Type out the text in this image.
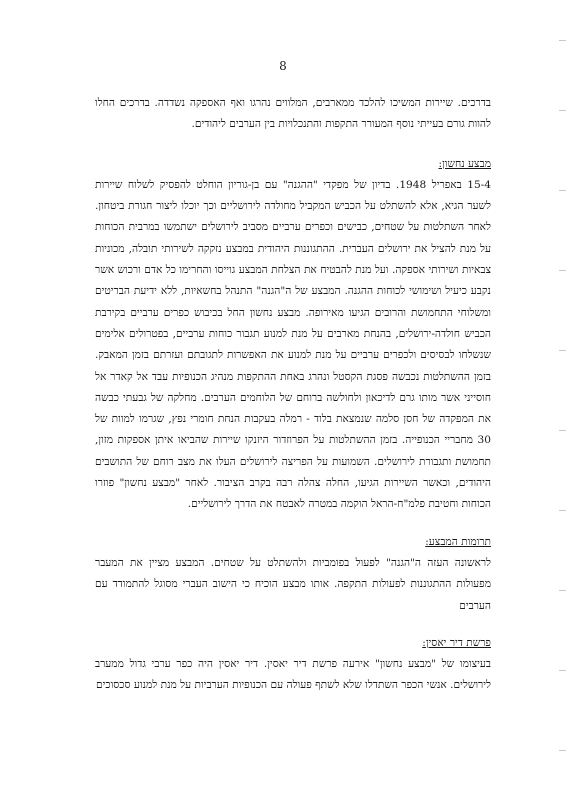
8

בדרכים. שיירות המשיכו להלכד ממארבים, המלווים נהרגו ואף האספקה נשדדה. בדרכים החלו להוות גורם בעייתי נוסף המעורר התקפות והתנכלויות בין הערבים ליהודים.

מבצע נחשון:

15-4 באפריל 1948. בדיון של מפקדי "ההגנה" עם בן-גוריון הוחלט להפסיק לשלוח שיירות לשער הגיא, אלא להשתלט על הכביש המקביל מחולדה לירושליים וכך יוכלו ליצור חגורת ביטחון. לאחר השתלטות על שטחים, כבישים וכפרים ערביים מסביב לירושלים ישתמשו במרבית הכוחות על מנת להציל את ירושלים העברית. ההתגוננות היהודית במבצע נזקקה לשירותי תובלה, מכוניות צבאיות ושירותי אספקה. ועל מנת להבטיח את הצלחת המבצע גוייסו והחרימו כל אדם ורכוש אשר נקבע כיעיל ושימושי לכוחות ההגנה. המבצע של ה"הגנה" התנהל בחשאיות, ללא ידיעת הבריטים ומשלוחי התחמושת והרובים הגיעו מאירופה. מבצע נחשון החל בכיבוש כפרים ערביים בקירבת הכביש חולדה-ירושלים, בהנחת מארבים על מנת למנוע תגבור כוחות ערביים, בפטרולים אלימים שנשלחו לבסיסים ולכפרים ערביים על מנת למנוע את האפשרות לתגובתם ועזרתם בזמן המאבק. בזמן ההשתלטות נכבשה פסגת הקסטל ונהרג באחת ההתקפות מנהיג הכנופיות עבד אל קאדר אל חוסייני אשר מותו גרם לדיכאון ולחולשה ברוחם של הלוחמים הערבים. מחלקה של גבעתי כבשה את המפקדה של חסן סלמה שנמצאת בלוד - רמלה בעקבות הנחת חומרי נפץ, שגרמו למוות של 30 מחבריי הכנופייה. בזמן ההשתלטות על הפרוזדור היזנקו שיירות שהביאו איתן אספקות מזון, תחמושת ותגבורת לירושלים. השמועות על הפריצה לירושלים העלו את מצב רוחם של התושבים היהודים, וכאשר השיירות הגיעו, החלה צהלה רבה בקרב הציבור. לאחר "מבצע נחשון" פוזרו הכוחות וחטיבת פלמ"ח-הראל הוקמה במטרה לאבטח את הדרך לירושליים.

תרומות המבצע:

לראשונה העזה ה"הגנה" לפעול בפומביות ולהשתלט על שטחים. המבצע מציין את המעבר מפעולות ההתגוננות לפעולות התקפה. אותו מבצע הוכיח כי הישוב העברי מסוגל להתמודד עם הערבים

פרשת דיר יאסין:

בעיצומו של "מבצע נחשון" אירעה פרשת דיר יאסין. דיר יאסין היה כפר ערבי גדול ממערב לירושלים. אנשי הכפר השתדלו שלא לשתף פעולה עם הכנופיות הערביות על מנת למנוע סכסוכים
